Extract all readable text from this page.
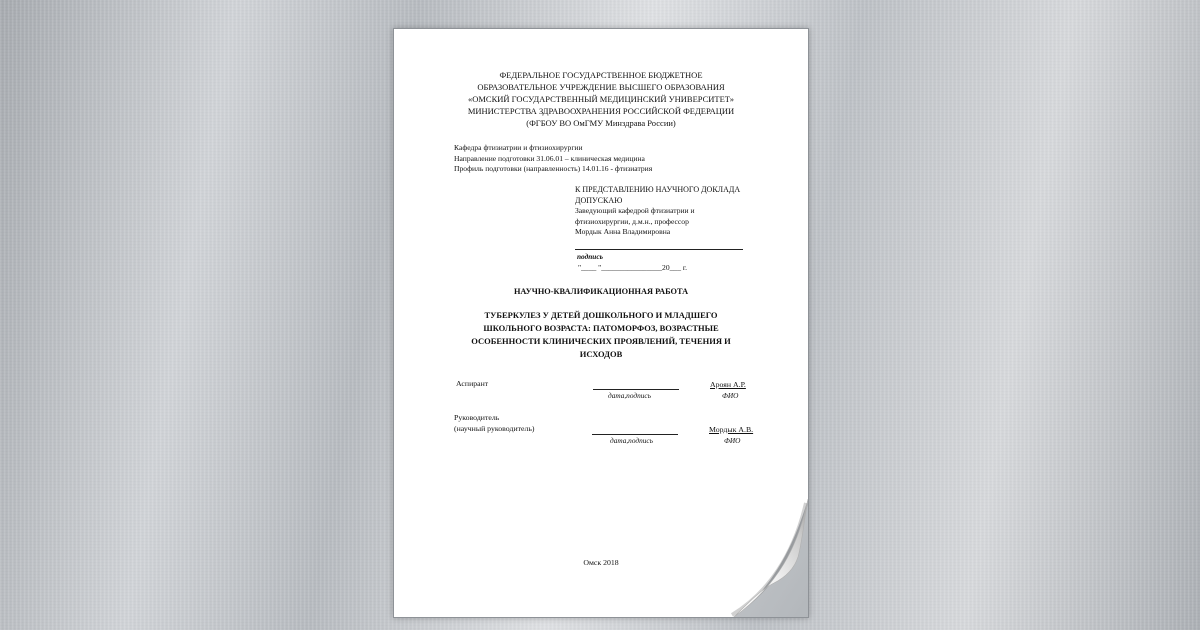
ФЕДЕРАЛЬНОЕ ГОСУДАРСТВЕННОЕ БЮДЖЕТНОЕ
ОБРАЗОВАТЕЛЬНОЕ УЧРЕЖДЕНИЕ ВЫСШЕГО ОБРАЗОВАНИЯ
«ОМСКИЙ ГОСУДАРСТВЕННЫЙ МЕДИЦИНСКИЙ УНИВЕРСИТЕТ»
МИНИСТЕРСТВА ЗДРАВООХРАНЕНИЯ РОССИЙСКОЙ ФЕДЕРАЦИИ
(ФГБОУ ВО ОмГМУ Минздрава России)
Кафедра фтизиатрии и фтизиохирургии
Направление подготовки 31.06.01 – клиническая медицина
Профиль подготовки (направленность) 14.01.16 - фтизиатрия
К ПРЕДСТАВЛЕНИЮ НАУЧНОГО ДОКЛАДА
ДОПУСКАЮ
Заведующий кафедрой фтизиатрии и
фтизиохирургии, д.м.н., профессор
Мордык Анна Владимировна
подпись
"____ "________________20___ г.
НАУЧНО-КВАЛИФИКАЦИОННАЯ РАБОТА
ТУБЕРКУЛЕЗ У ДЕТЕЙ ДОШКОЛЬНОГО И МЛАДШЕГО
ШКОЛЬНОГО ВОЗРАСТА: ПАТОМОРФОЗ, ВОЗРАСТНЫЕ
ОСОБЕННОСТИ КЛИНИЧЕСКИХ ПРОЯВЛЕНИЙ, ТЕЧЕНИЯ И
ИСХОДОВ
Аспирант
дата,подпись
Ароян А.Р.
ФИО
Руководитель
(научный руководитель)
дата,подпись
Мордык А.В.
ФИО
Омск 2018
